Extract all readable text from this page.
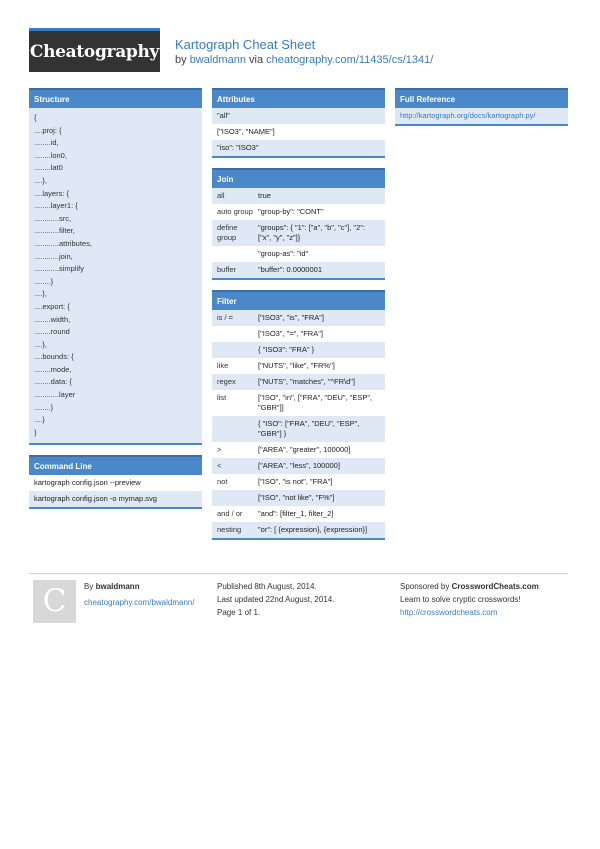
Cheatography Kartograph Cheat Sheet
by bwaldmann via cheatography.com/11435/cs/1341/
Structure
{
....proj: {
........id,
........lon0,
........lat0
....},
....layers: {
........layer1: {
............src,
............filter,
............attributes,
............join,
............simplify
........}
....},
....export: {
........width,
........round
....},
....bounds: {
........mode,
........data: {
............layer
........}
....}
}
Command Line
kartograph config.json --preview
kartograph config.json -o mymap.svg
Attributes
"all"
["ISO3", "NAME"]
"iso": "ISO3"
Join
all	true
auto group "group-by": "CONT"
define group
"groups": { "1": ["a", "b", "c"], "2": ["x", "y", "z"]}
"group-as": "id"
buffer	"buffer": 0.0000001
Filter
is / =	["ISO3", "is", "FRA"]
["ISO3", "=", "FRA"]
{ "ISO3": "FRA" }
like	["NUTS", "like", "FR%"]
regex	["NUTS", "matches", "^FR\d"]
list	["ISO", "in", ["FRA", "DEU", "ESP", "GBR"]]
{ "ISO": ["FRA", "DEU", "ESP", "GBR"] }
>	["AREA", "greater", 100000]
<	["AREA", "less", 100000]
not	["ISO", "is not", "FRA"]
["ISO", "not like", "F%"]
and / or	"and": [filter_1, filter_2]
nesting	"or": [ {expression}, {expression}]
Full Reference
http://kartograph.org/docs/kartograph.py/
C	By bwaldmann
cheatography.com/bwaldmann/
Published 8th August, 2014.
Last updated 22nd August, 2014.
Page 1 of 1.
Sponsored by CrosswordCheats.com
Learn to solve cryptic crosswords!
http://crosswordcheats.com
